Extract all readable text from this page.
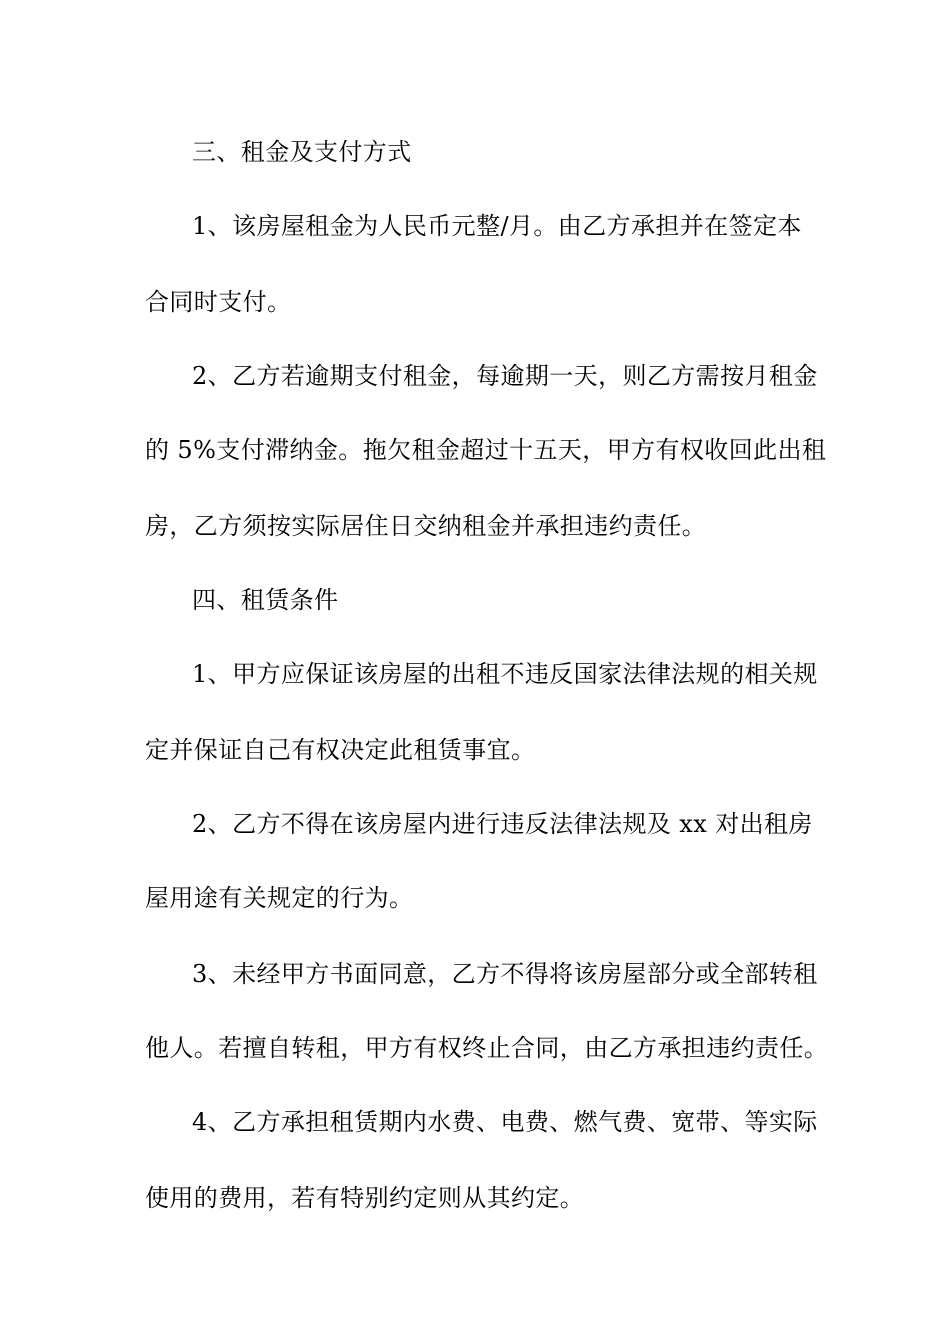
三、租金及支付方式
1、该房屋租金为人民币元整/月。由乙方承担并在签定本
合同时支付。
2、乙方若逾期支付租金，每逾期一天，则乙方需按月租金
的 5%支付滞纳金。拖欠租金超过十五天，甲方有权收回此出租
房，乙方须按实际居住日交纳租金并承担违约责任。
四、租赁条件
1、甲方应保证该房屋的出租不违反国家法律法规的相关规
定并保证自己有权决定此租赁事宜。
2、乙方不得在该房屋内进行违反法律法规及 xx 对出租房
屋用途有关规定的行为。
3、未经甲方书面同意，乙方不得将该房屋部分或全部转租
他人。若擅自转租，甲方有权终止合同，由乙方承担违约责任。
4、乙方承担租赁期内水费、电费、燃气费、宽带、等实际
使用的费用，若有特别约定则从其约定。
